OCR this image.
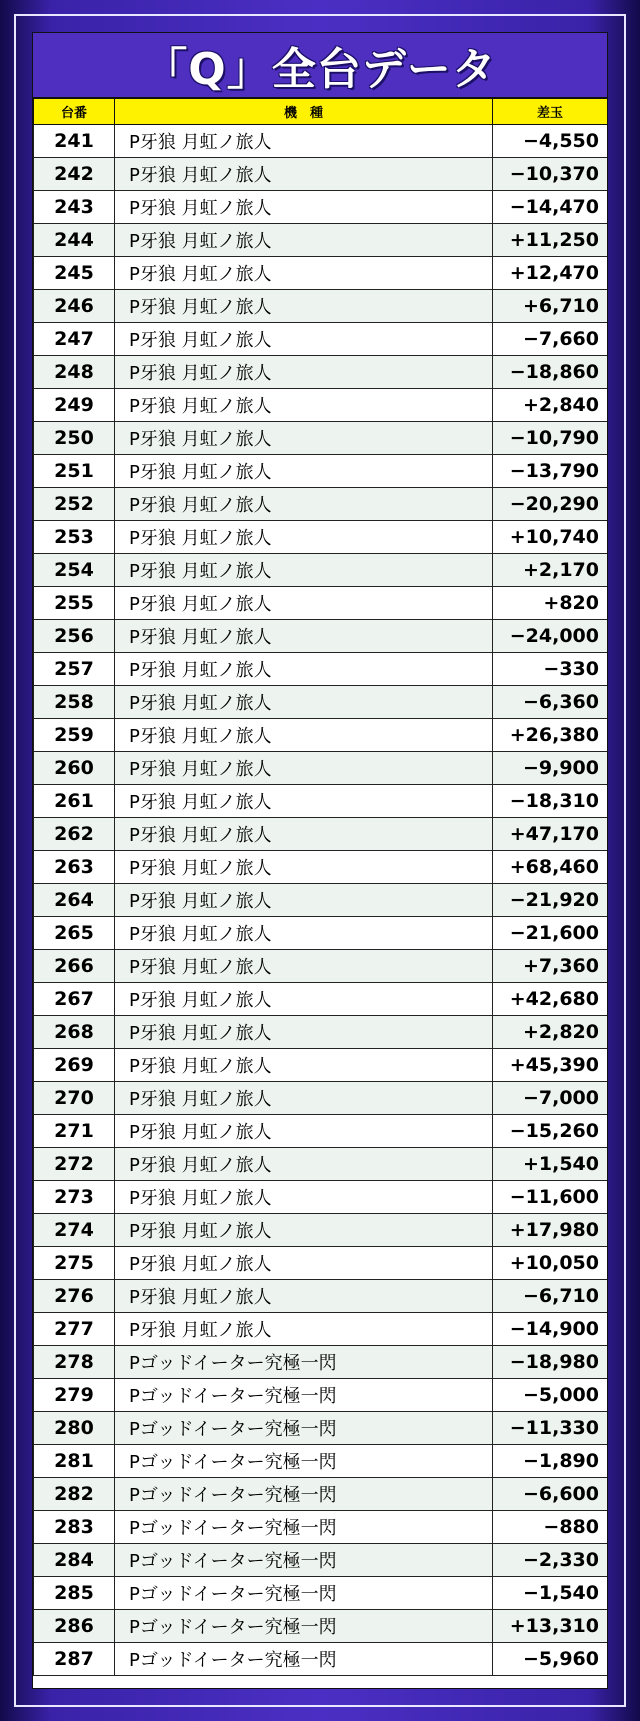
「Q」全台データ
台番	機　種	差玉
241	P牙狼 月虹ノ旅人	−4,550
242	P牙狼 月虹ノ旅人	−10,370
243	P牙狼 月虹ノ旅人	−14,470
244	P牙狼 月虹ノ旅人	+11,250
245	P牙狼 月虹ノ旅人	+12,470
246	P牙狼 月虹ノ旅人	+6,710
247	P牙狼 月虹ノ旅人	−7,660
248	P牙狼 月虹ノ旅人	−18,860
249	P牙狼 月虹ノ旅人	+2,840
250	P牙狼 月虹ノ旅人	−10,790
251	P牙狼 月虹ノ旅人	−13,790
252	P牙狼 月虹ノ旅人	−20,290
253	P牙狼 月虹ノ旅人	+10,740
254	P牙狼 月虹ノ旅人	+2,170
255	P牙狼 月虹ノ旅人	+820
256	P牙狼 月虹ノ旅人	−24,000
257	P牙狼 月虹ノ旅人	−330
258	P牙狼 月虹ノ旅人	−6,360
259	P牙狼 月虹ノ旅人	+26,380
260	P牙狼 月虹ノ旅人	−9,900
261	P牙狼 月虹ノ旅人	−18,310
262	P牙狼 月虹ノ旅人	+47,170
263	P牙狼 月虹ノ旅人	+68,460
264	P牙狼 月虹ノ旅人	−21,920
265	P牙狼 月虹ノ旅人	−21,600
266	P牙狼 月虹ノ旅人	+7,360
267	P牙狼 月虹ノ旅人	+42,680
268	P牙狼 月虹ノ旅人	+2,820
269	P牙狼 月虹ノ旅人	+45,390
270	P牙狼 月虹ノ旅人	−7,000
271	P牙狼 月虹ノ旅人	−15,260
272	P牙狼 月虹ノ旅人	+1,540
273	P牙狼 月虹ノ旅人	−11,600
274	P牙狼 月虹ノ旅人	+17,980
275	P牙狼 月虹ノ旅人	+10,050
276	P牙狼 月虹ノ旅人	−6,710
277	P牙狼 月虹ノ旅人	−14,900
278	Pゴッドイーター究極一閃	−18,980
279	Pゴッドイーター究極一閃	−5,000
280	Pゴッドイーター究極一閃	−11,330
281	Pゴッドイーター究極一閃	−1,890
282	Pゴッドイーター究極一閃	−6,600
283	Pゴッドイーター究極一閃	−880
284	Pゴッドイーター究極一閃	−2,330
285	Pゴッドイーター究極一閃	−1,540
286	Pゴッドイーター究極一閃	+13,310
287	Pゴッドイーター究極一閃	−5,960
